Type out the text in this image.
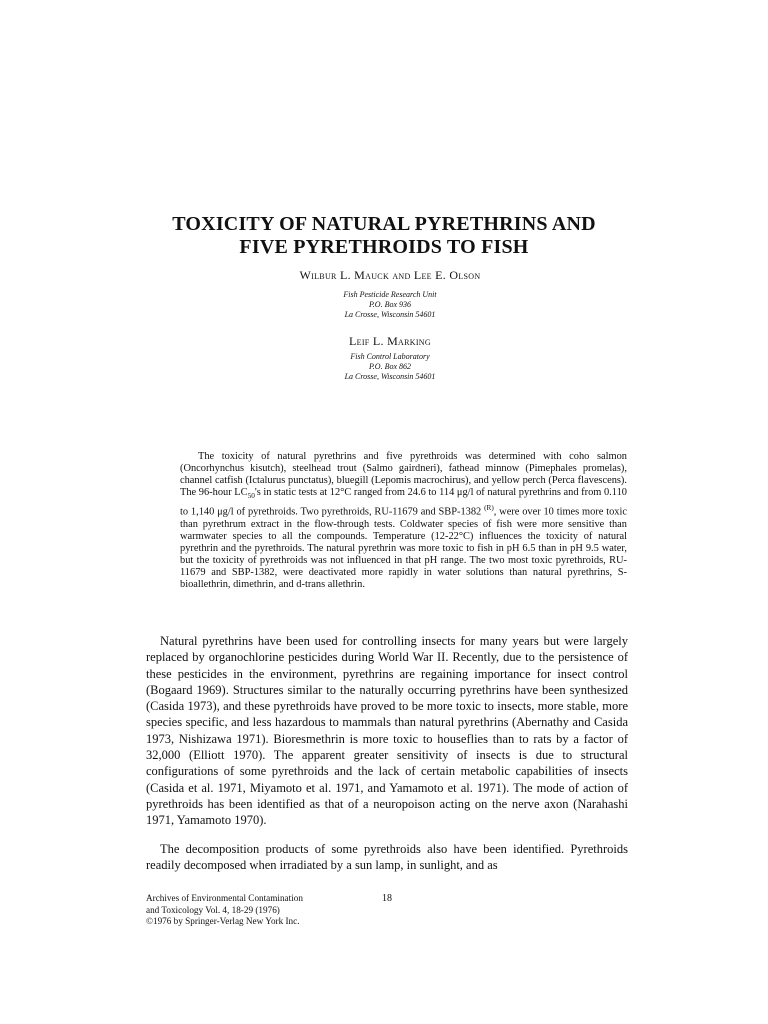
TOXICITY OF NATURAL PYRETHRINS AND
FIVE PYRETHROIDS TO FISH
Wilbur L. Mauck and Lee E. Olson
Fish Pesticide Research Unit
P.O. Box 936
La Crosse, Wisconsin 54601
Leif L. Marking
Fish Control Laboratory
P.O. Box 862
La Crosse, Wisconsin 54601

The toxicity of natural pyrethrins and five pyrethroids was determined with coho salmon (Oncorhynchus kisutch), steelhead trout (Salmo gairdneri), fathead minnow (Pimephales promelas), channel catfish (Ictalurus punctatus), bluegill (Lepomis macrochirus), and yellow perch (Perca flavescens). The 96-hour $LC_{50}'s$ in static tests at 12°C ranged from 24.6 to 114 μg/l of natural pyrethrins and from 0.110 to 1,140 μg/l of pyrethroids. Two pyrethroids, RU-11679 and SBP-1382 $^{(R)}$, were over 10 times more toxic than pyrethrum extract in the flow-through tests. Coldwater species of fish were more sensitive than warmwater species to all the compounds. Temperature (12-22°C) influences the toxicity of natural pyrethrin and the pyrethroids. The natural pyrethrin was more toxic to fish in pH 6.5 than in pH 9.5 water, but the toxicity of pyrethroids was not influenced in that pH range. The two most toxic pyrethroids, RU-11679 and SBP-1382, were deactivated more rapidly in water solutions than natural pyrethrins, S-bioallethrin, dimethrin, and d-trans allethrin.

Natural pyrethrins have been used for controlling insects for many years but were largely replaced by organochlorine pesticides during World War II. Recently, due to the persistence of these pesticides in the environment, pyrethrins are regaining importance for insect control (Bogaard 1969). Structures similar to the naturally occurring pyrethrins have been synthesized (Casida 1973), and these pyrethroids have proved to be more toxic to insects, more stable, more species specific, and less hazardous to mammals than natural pyrethrins (Abernathy and Casida 1973, Nishizawa 1971). Bioresmethrin is more toxic to houseflies than to rats by a factor of 32,000 (Elliott 1970). The apparent greater sensitivity of insects is due to structural configurations of some pyrethroids and the lack of certain metabolic capabilities of insects (Casida et al. 1971, Miyamoto et al. 1971, and Yamamoto et al. 1971). The mode of action of pyrethroids has been identified as that of a neuropoison acting on the nerve axon (Narahashi 1971, Yamamoto 1970).

The decomposition products of some pyrethroids also have been identified. Pyrethroids readily decomposed when irradiated by a sun lamp, in sunlight, and as

Archives of Environmental Contamination
and Toxicology Vol. 4, 18-29 (1976)
©1976 by Springer-Verlag New York Inc.
18
